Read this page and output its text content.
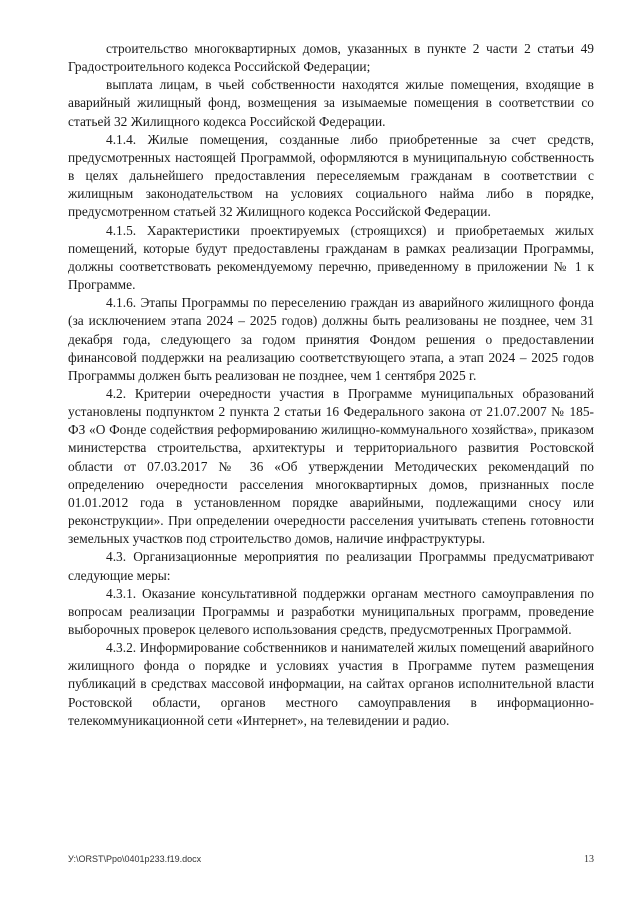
строительство многоквартирных домов, указанных в пункте 2 части 2 статьи 49 Градостроительного кодекса Российской Федерации;

выплата лицам, в чьей собственности находятся жилые помещения, входящие в аварийный жилищный фонд, возмещения за изымаемые помещения в соответствии со статьей 32 Жилищного кодекса Российской Федерации.

4.1.4. Жилые помещения, созданные либо приобретенные за счет средств, предусмотренных настоящей Программой, оформляются в муниципальную собственность в целях дальнейшего предоставления переселяемым гражданам в соответствии с жилищным законодательством на условиях социального найма либо в порядке, предусмотренном статьей 32 Жилищного кодекса Российской Федерации.

4.1.5. Характеристики проектируемых (строящихся) и приобретаемых жилых помещений, которые будут предоставлены гражданам в рамках реализации Программы, должны соответствовать рекомендуемому перечню, приведенному в приложении № 1 к Программе.

4.1.6. Этапы Программы по переселению граждан из аварийного жилищного фонда (за исключением этапа 2024 – 2025 годов) должны быть реализованы не позднее, чем 31 декабря года, следующего за годом принятия Фондом решения о предоставлении финансовой поддержки на реализацию соответствующего этапа, а этап 2024 – 2025 годов Программы должен быть реализован не позднее, чем 1 сентября 2025 г.

4.2. Критерии очередности участия в Программе муниципальных образований установлены подпунктом 2 пункта 2 статьи 16 Федерального закона от 21.07.2007 № 185-ФЗ «О Фонде содействия реформированию жилищно-коммунального хозяйства», приказом министерства строительства, архитектуры и территориального развития Ростовской области от 07.03.2017 № 36 «Об утверждении Методических рекомендаций по определению очередности расселения многоквартирных домов, признанных после 01.01.2012 года в установленном порядке аварийными, подлежащими сносу или реконструкции». При определении очередности расселения учитывать степень готовности земельных участков под строительство домов, наличие инфраструктуры.

4.3. Организационные мероприятия по реализации Программы предусматривают следующие меры:

4.3.1. Оказание консультативной поддержки органам местного самоуправления по вопросам реализации Программы и разработки муниципальных программ, проведение выборочных проверок целевого использования средств, предусмотренных Программой.

4.3.2. Информирование собственников и нанимателей жилых помещений аварийного жилищного фонда о порядке и условиях участия в Программе путем размещения публикаций в средствах массовой информации, на сайтах органов исполнительной власти Ростовской области, органов местного самоуправления в информационно-телекоммуникационной сети «Интернет», на телевидении и радио.

У:\ORST\Ppo\0401p233.f19.docx	13
